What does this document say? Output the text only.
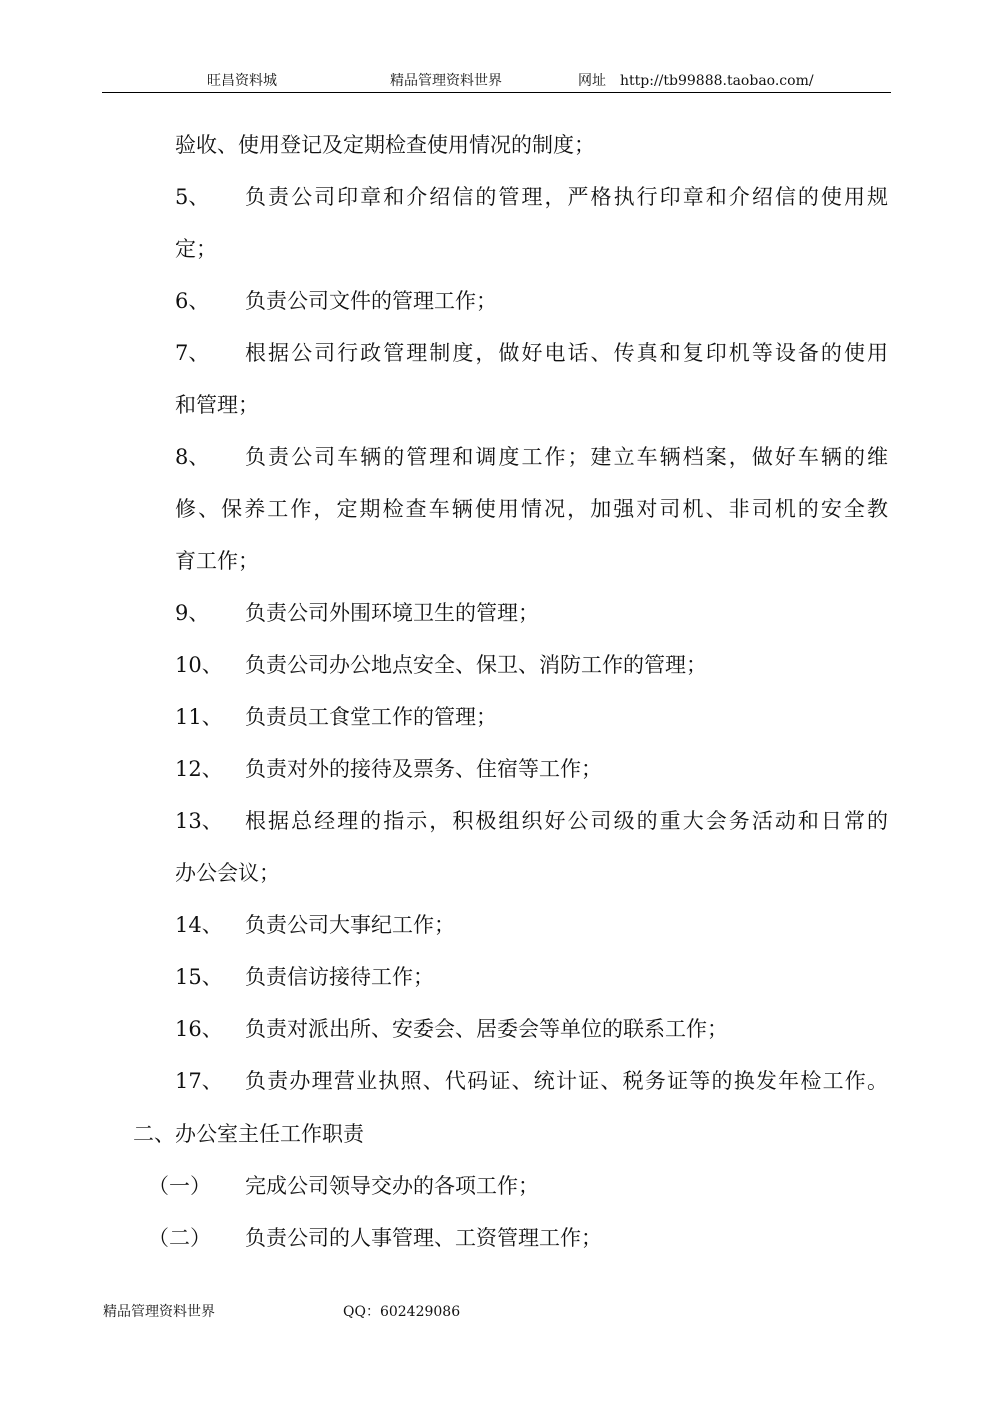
旺昌资料城	精品管理资料世界	网址 http://tb99888.taobao.com/
验收、使用登记及定期检查使用情况的制度；
5、 负责公司印章和介绍信的管理，严格执行印章和介绍信的使用规
定；
6、 负责公司文件的管理工作；
7、 根据公司行政管理制度，做好电话、传真和复印机等设备的使用
和管理；
8、 负责公司车辆的管理和调度工作；建立车辆档案，做好车辆的维
修、保养工作，定期检查车辆使用情况，加强对司机、非司机的安全教
育工作；
9、 负责公司外围环境卫生的管理；
10、 负责公司办公地点安全、保卫、消防工作的管理；
11、 负责员工食堂工作的管理；
12、 负责对外的接待及票务、住宿等工作；
13、 根据总经理的指示，积极组织好公司级的重大会务活动和日常的
办公会议；
14、 负责公司大事纪工作；
15、 负责信访接待工作；
16、 负责对派出所、安委会、居委会等单位的联系工作；
17、 负责办理营业执照、代码证、统计证、税务证等的换发年检工作。
二、办公室主任工作职责
（一） 完成公司领导交办的各项工作；
（二） 负责公司的人事管理、工资管理工作；
精品管理资料世界	QQ：602429086
